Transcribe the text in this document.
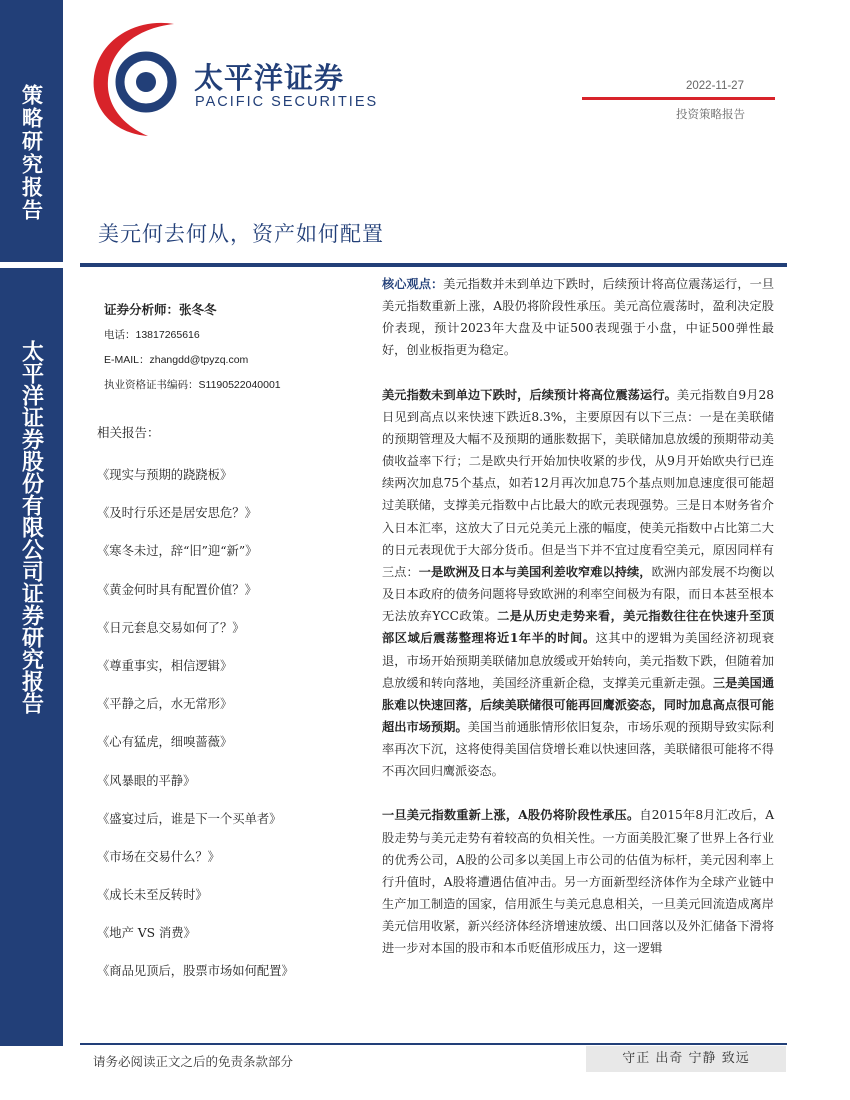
策略研究报告
太平洋证券股份有限公司证券研究报告
太平洋证券
PACIFIC SECURITIES
2022-11-27
投资策略报告
美元何去何从，资产如何配置
证券分析师：张冬冬
电话：13817265616
E-MAIL：zhangdd@tpyzq.com
执业资格证书编码：S1190522040001
相关报告：
《现实与预期的跷跷板》
《及时行乐还是居安思危？》
《寒冬未过，辞“旧”迎“新”》
《黄金何时具有配置价值？》
《日元套息交易如何了？》
《尊重事实，相信逻辑》
《平静之后，水无常形》
《心有猛虎，细嗅蔷薇》
《风暴眼的平静》
《盛宴过后，谁是下一个买单者》
《市场在交易什么？》
《成长未至反转时》
《地产 VS 消费》
《商品见顶后，股票市场如何配置》

核心观点：美元指数并未到单边下跌时，后续预计将高位震荡运行，一旦美元指数重新上涨，A股仍将阶段性承压。美元高位震荡时，盈利决定股价表现，预计2023年大盘及中证500表现强于小盘，中证500弹性最好，创业板指更为稳定。

美元指数未到单边下跌时，后续预计将高位震荡运行。美元指数自9月28日见到高点以来快速下跌近8.3%，主要原因有以下三点：一是在美联储的预期管理及大幅不及预期的通胀数据下，美联储加息放缓的预期带动美债收益率下行；二是欧央行开始加快收紧的步伐，从9月开始欧央行已连续两次加息75个基点，如若12月再次加息75个基点则加息速度很可能超过美联储，支撑美元指数中占比最大的欧元表现强势。三是日本财务省介入日本汇率，这放大了日元兑美元上涨的幅度，使美元指数中占比第二大的日元表现优于大部分货币。但是当下并不宜过度看空美元，原因同样有三点：一是欧洲及日本与美国利差收窄难以持续，欧洲内部发展不均衡以及日本政府的债务问题将导致欧洲的利率空间极为有限，而日本甚至根本无法放弃YCC政策。二是从历史走势来看，美元指数往往在快速升至顶部区域后震荡整理将近1年半的时间。这其中的逻辑为美国经济初现衰退，市场开始预期美联储加息放缓或开始转向，美元指数下跌，但随着加息放缓和转向落地，美国经济重新企稳，支撑美元重新走强。三是美国通胀难以快速回落，后续美联储很可能再回鹰派姿态，同时加息高点很可能超出市场预期。美国当前通胀情形依旧复杂，市场乐观的预期导致实际利率再次下沉，这将使得美国信贷增长难以快速回落，美联储很可能将不得不再次回归鹰派姿态。

一旦美元指数重新上涨，A股仍将阶段性承压。自2015年8月汇改后，A股走势与美元走势有着较高的负相关性。一方面美股汇聚了世界上各行业的优秀公司，A股的公司多以美国上市公司的估值为标杆，美元因利率上行升值时，A股将遭遇估值冲击。另一方面新型经济体作为全球产业链中生产加工制造的国家，信用派生与美元息息相关，一旦美元回流造成离岸美元信用收紧，新兴经济体经济增速放缓、出口回落以及外汇储备下滑将进一步对本国的股市和本币贬值形成压力，这一逻辑

请务必阅读正文之后的免责条款部分	守正 出奇 宁静 致远
